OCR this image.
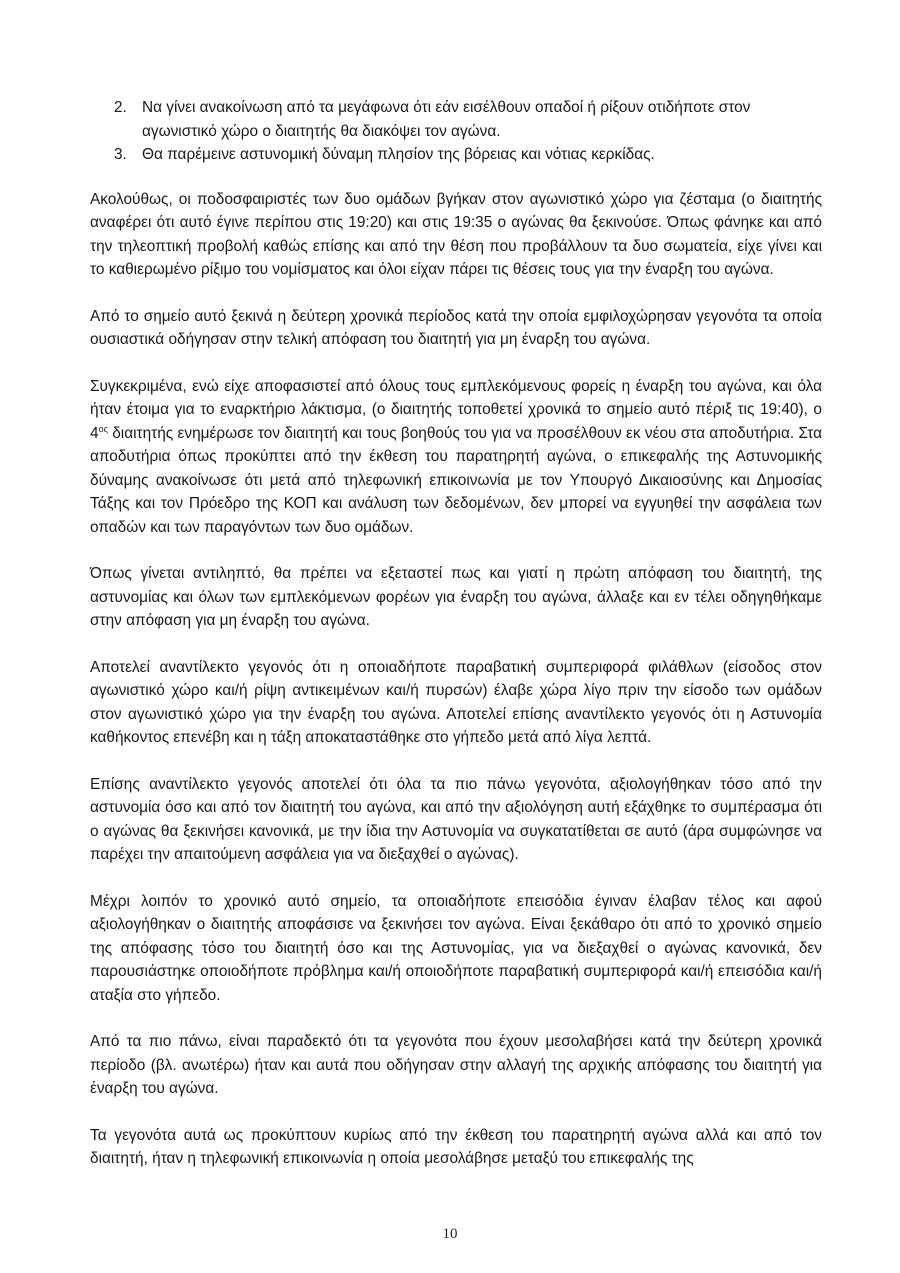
2. Να γίνει ανακοίνωση από τα μεγάφωνα ότι εάν εισέλθουν οπαδοί ή ρίξουν οτιδήποτε στον αγωνιστικό χώρο ο διαιτητής θα διακόψει τον αγώνα.
3. Θα παρέμεινε αστυνομική δύναμη πλησίον της βόρειας και νότιας κερκίδας.

Ακολούθως, οι ποδοσφαιριστές των δυο ομάδων βγήκαν στον αγωνιστικό χώρο για ζέσταμα (ο διαιτητής αναφέρει ότι αυτό έγινε περίπου στις 19:20) και στις 19:35 ο αγώνας θα ξεκινούσε. Όπως φάνηκε και από την τηλεοπτική προβολή καθώς επίσης και από την θέση που προβάλλουν τα δυο σωματεία, είχε γίνει και το καθιερωμένο ρίξιμο του νομίσματος και όλοι είχαν πάρει τις θέσεις τους για την έναρξη του αγώνα.

Από το σημείο αυτό ξεκινά η δεύτερη χρονικά περίοδος κατά την οποία εμφιλοχώρησαν γεγονότα τα οποία ουσιαστικά οδήγησαν στην τελική απόφαση του διαιτητή για μη έναρξη του αγώνα.

Συγκεκριμένα, ενώ είχε αποφασιστεί από όλους τους εμπλεκόμενους φορείς η έναρξη του αγώνα, και όλα ήταν έτοιμα για το εναρκτήριο λάκτισμα, (ο διαιτητής τοποθετεί χρονικά το σημείο αυτό πέριξ τις 19:40), ο $4^{o\varsigma}$ διαιτητής ενημέρωσε τον διαιτητή και τους βοηθούς του για να προσέλθουν εκ νέου στα αποδυτήρια. Στα αποδυτήρια όπως προκύπτει από την έκθεση του παρατηρητή αγώνα, ο επικεφαλής της Αστυνομικής δύναμης ανακοίνωσε ότι μετά από τηλεφωνική επικοινωνία με τον Υπουργό Δικαιοσύνης και Δημοσίας Τάξης και τον Πρόεδρο της ΚΟΠ και ανάλυση των δεδομένων, δεν μπορεί να εγγυηθεί την ασφάλεια των οπαδών και των παραγόντων των δυο ομάδων.

Όπως γίνεται αντιληπτό, θα πρέπει να εξεταστεί πως και γιατί η πρώτη απόφαση του διαιτητή, της αστυνομίας και όλων των εμπλεκόμενων φορέων για έναρξη του αγώνα, άλλαξε και εν τέλει οδηγηθήκαμε στην απόφαση για μη έναρξη του αγώνα.

Αποτελεί αναντίλεκτο γεγονός ότι η οποιαδήποτε παραβατική συμπεριφορά φιλάθλων (είσοδος στον αγωνιστικό χώρο και/ή ρίψη αντικειμένων και/ή πυρσών) έλαβε χώρα λίγο πριν την είσοδο των ομάδων στον αγωνιστικό χώρο για την έναρξη του αγώνα. Αποτελεί επίσης αναντίλεκτο γεγονός ότι η Αστυνομία καθήκοντος επενέβη και η τάξη αποκαταστάθηκε στο γήπεδο μετά από λίγα λεπτά.

Επίσης αναντίλεκτο γεγονός αποτελεί ότι όλα τα πιο πάνω γεγονότα, αξιολογήθηκαν τόσο από την αστυνομία όσο και από τον διαιτητή του αγώνα, και από την αξιολόγηση αυτή εξάχθηκε το συμπέρασμα ότι ο αγώνας θα ξεκινήσει κανονικά, με την ίδια την Αστυνομία να συγκατατίθεται σε αυτό (άρα συμφώνησε να παρέχει την απαιτούμενη ασφάλεια για να διεξαχθεί ο αγώνας).

Μέχρι λοιπόν το χρονικό αυτό σημείο, τα οποιαδήποτε επεισόδια έγιναν έλαβαν τέλος και αφού αξιολογήθηκαν ο διαιτητής αποφάσισε να ξεκινήσει τον αγώνα. Είναι ξεκάθαρο ότι από το χρονικό σημείο της απόφασης τόσο του διαιτητή όσο και της Αστυνομίας, για να διεξαχθεί ο αγώνας κανονικά, δεν παρουσιάστηκε οποιοδήποτε πρόβλημα και/ή οποιοδήποτε παραβατική συμπεριφορά και/ή επεισόδια και/ή αταξία στο γήπεδο.

Από τα πιο πάνω, είναι παραδεκτό ότι τα γεγονότα που έχουν μεσολαβήσει κατά την δεύτερη χρονικά περίοδο (βλ. ανωτέρω) ήταν και αυτά που οδήγησαν στην αλλαγή της αρχικής απόφασης του διαιτητή για έναρξη του αγώνα.

Τα γεγονότα αυτά ως προκύπτουν κυρίως από την έκθεση του παρατηρητή αγώνα αλλά και από τον διαιτητή, ήταν η τηλεφωνική επικοινωνία η οποία μεσολάβησε μεταξύ του επικεφαλής της

10
